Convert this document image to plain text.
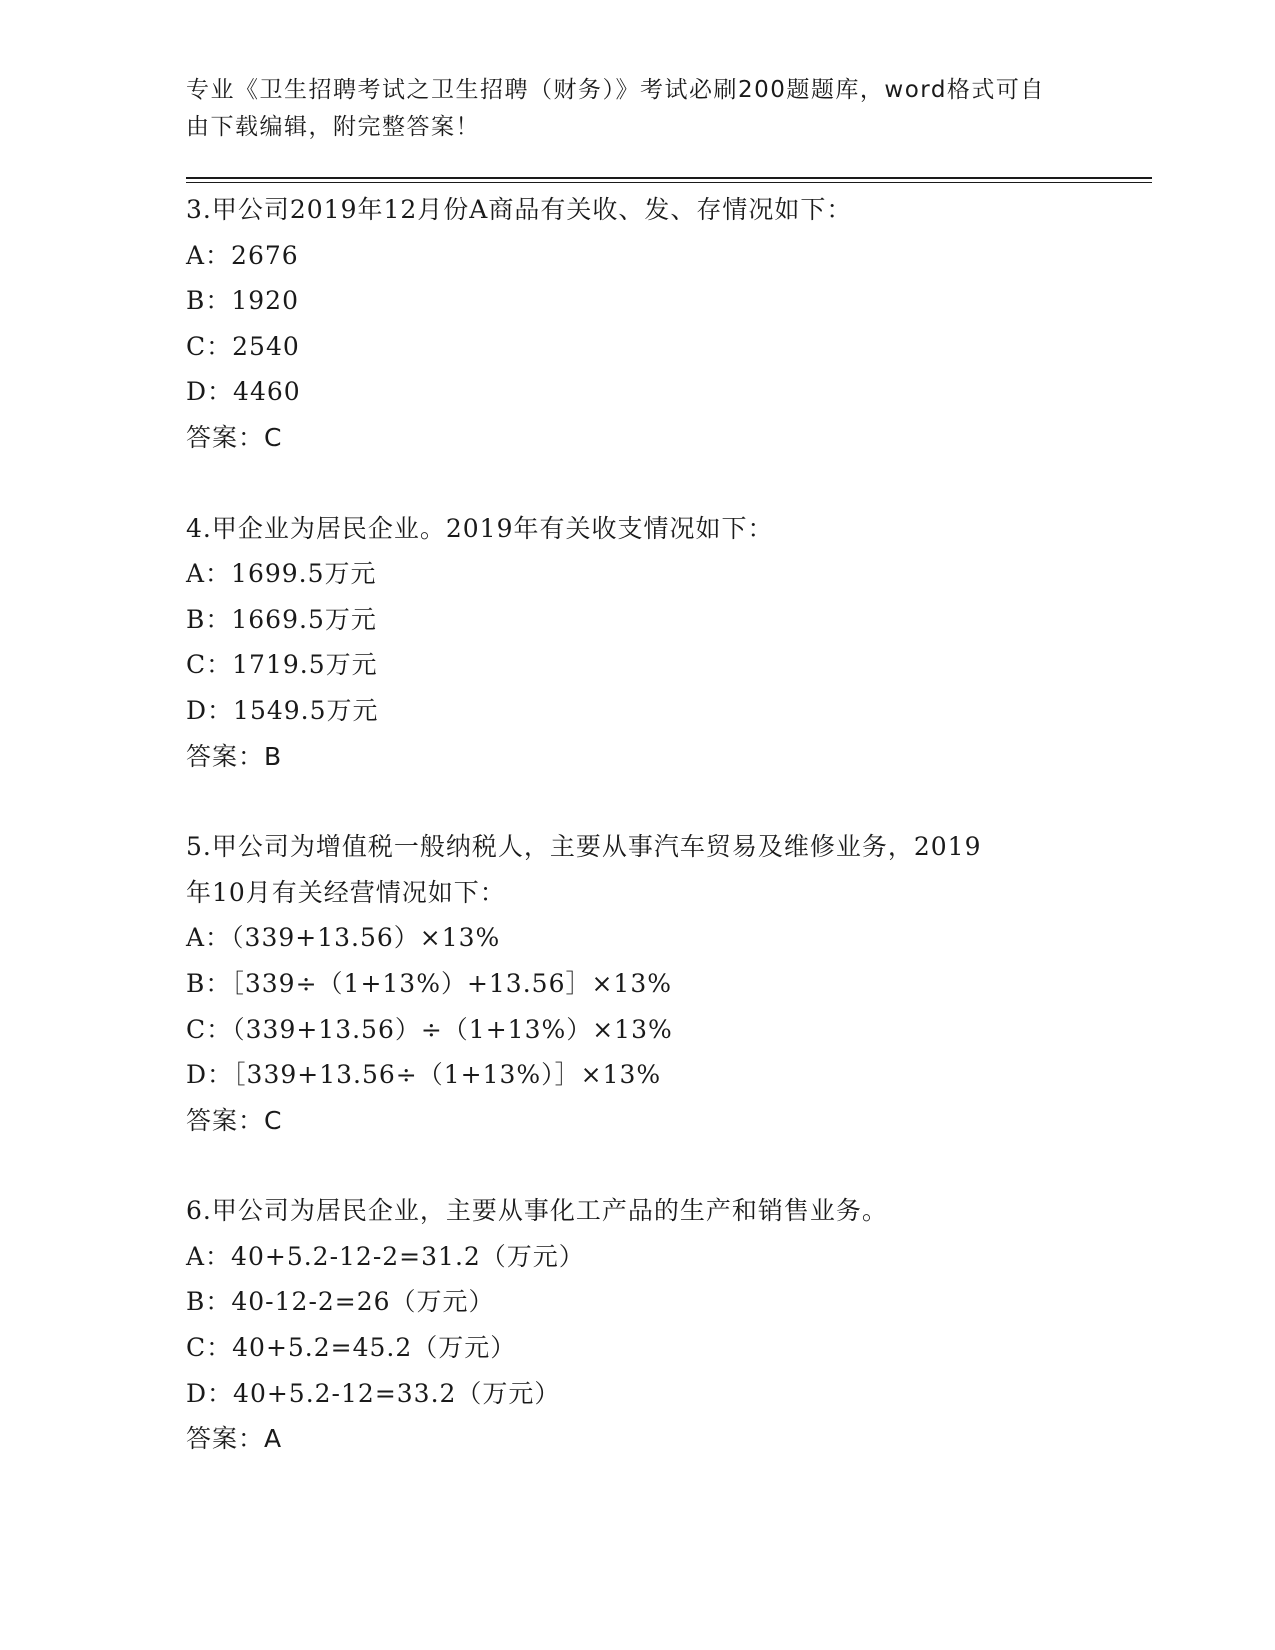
专业《卫生招聘考试之卫生招聘（财务）》考试必刷200题题库，word格式可自
由下载编辑，附完整答案！
3.甲公司2019年12月份A商品有关收、发、存情况如下：
A：2676
B：1920
C：2540
D：4460
答案：C
4.甲企业为居民企业。2019年有关收支情况如下：
A：1699.5万元
B：1669.5万元
C：1719.5万元
D：1549.5万元
答案：B
5.甲公司为增值税一般纳税人，主要从事汽车贸易及维修业务，2019
年10月有关经营情况如下：
A：（339+13.56）×13%
B：［339÷（1+13%）+13.56］×13%
C：（339+13.56）÷（1+13%）×13%
D：［339+13.56÷（1+13%）］×13%
答案：C
6.甲公司为居民企业，主要从事化工产品的生产和销售业务。
A：40+5.2-12-2=31.2（万元）
B：40-12-2=26（万元）
C：40+5.2=45.2（万元）
D：40+5.2-12=33.2（万元）
答案：A
